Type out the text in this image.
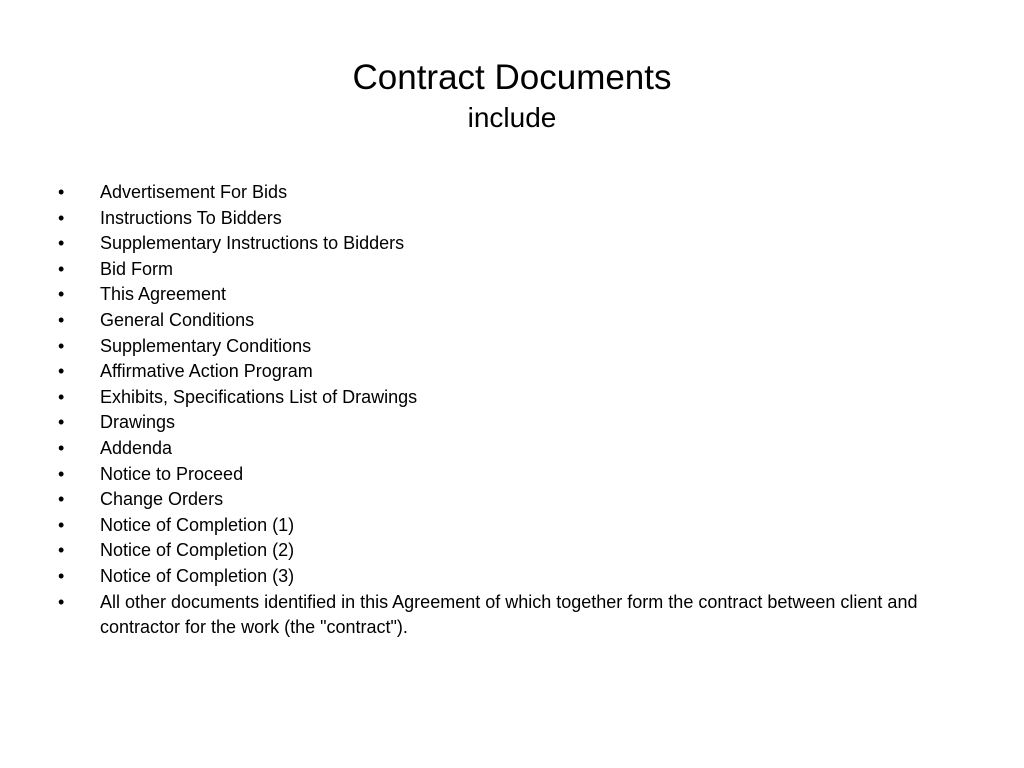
Contract Documents
include
•	Advertisement For Bids
•	Instructions To Bidders
•	Supplementary Instructions to Bidders
•	Bid Form
•	This Agreement
•	General Conditions
•	Supplementary Conditions
•	Affirmative Action Program
•	Exhibits, Specifications List of Drawings
•	Drawings
•	Addenda
•	Notice to Proceed
•	Change Orders
•	Notice of Completion (1)
•	Notice of Completion (2)
•	Notice of Completion (3)
•	All other documents identified in this Agreement of which together form the contract between client and contractor for the work (the "contract").
